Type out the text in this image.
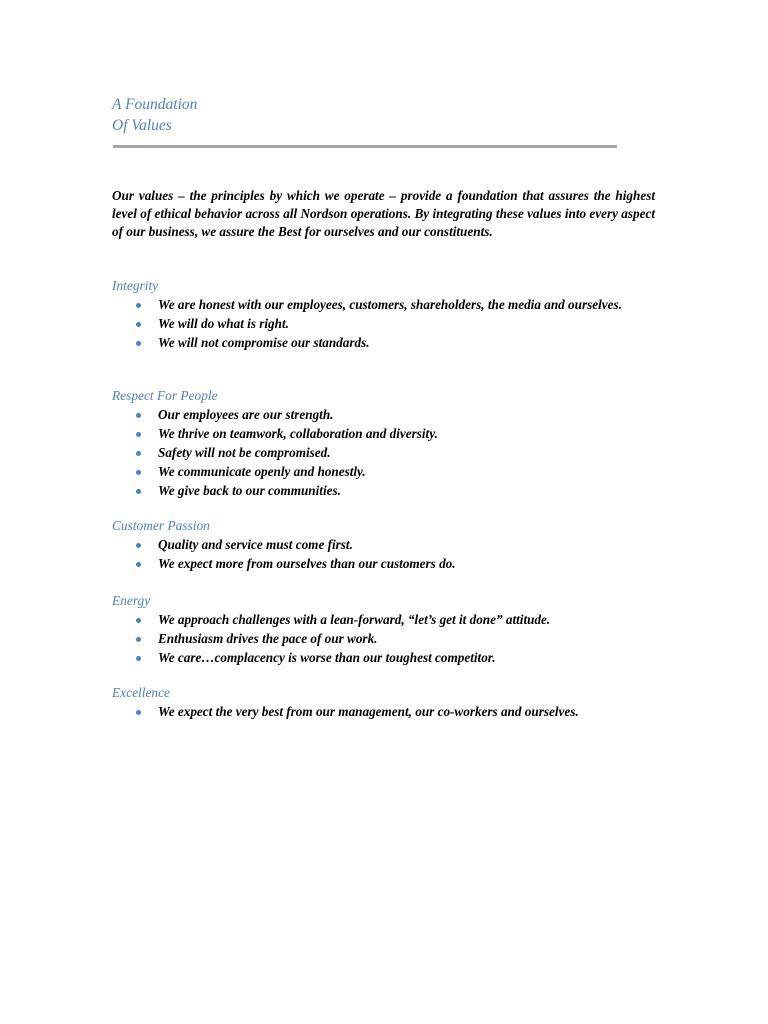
A Foundation
Of Values

Our values – the principles by which we operate – provide a foundation that assures the highest level of ethical behavior across all Nordson operations. By integrating these values into every aspect of our business, we assure the Best for ourselves and our constituents.

Integrity
We are honest with our employees, customers, shareholders, the media and ourselves.
We will do what is right.
We will not compromise our standards.
Respect For People
Our employees are our strength.
We thrive on teamwork, collaboration and diversity.
Safety will not be compromised.
We communicate openly and honestly.
We give back to our communities.
Customer Passion
Quality and service must come first.
We expect more from ourselves than our customers do.
Energy
We approach challenges with a lean-forward, “let’s get it done” attitude.
Enthusiasm drives the pace of our work.
We care…complacency is worse than our toughest competitor.
Excellence
We expect the very best from our management, our co-workers and ourselves.
